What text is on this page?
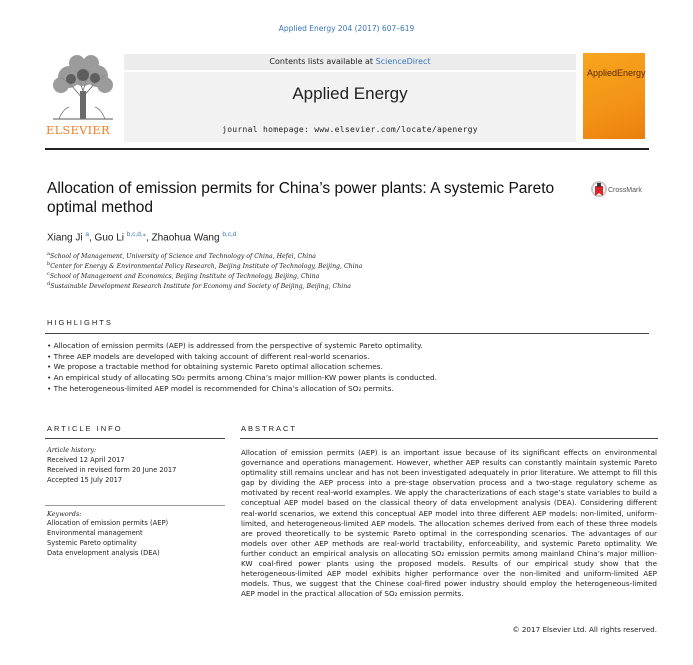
Applied Energy 204 (2017) 607–619
ELSEVIER
Contents lists available at ScienceDirect
Applied Energy
journal homepage: www.elsevier.com/locate/apenergy
AppliedEnergy
Allocation of emission permits for China’s power plants: A systemic Pareto optimal method
CrossMark
Xiang Ji $^a$, Guo Li $^{b,c,d,⁎}$, Zhaohua Wang $^{b,c,d}$
$^a$School of Management, University of Science and Technology of China, Hefei, China
$^b$Center for Energy & Environmental Policy Research, Beijing Institute of Technology, Beijing, China
$^c$School of Management and Economics, Beijing Institute of Technology, Beijing, China
$^d$Sustainable Development Research Institute for Economy and Society of Beijing, Beijing, China
HIGHLIGHTS
• Allocation of emission permits (AEP) is addressed from the perspective of systemic Pareto optimality.
• Three AEP models are developed with taking account of different real-world scenarios.
• We propose a tractable method for obtaining systemic Pareto optimal allocation schemes.
• An empirical study of allocating SO₂ permits among China’s major million-KW power plants is conducted.
• The heterogeneous-limited AEP model is recommended for China’s allocation of SO₂ permits.
ARTICLE INFO
Article history:
Received 12 April 2017
Received in revised form 20 June 2017
Accepted 15 July 2017
Keywords:
Allocation of emission permits (AEP)
Environmental management
Systemic Pareto optimality
Data envelopment analysis (DEA)
ABSTRACT
Allocation of emission permits (AEP) is an important issue because of its significant effects on environmental governance and operations management. However, whether AEP results can constantly maintain systemic Pareto optimality still remains unclear and has not been investigated adequately in prior literature. We attempt to fill this gap by dividing the AEP process into a pre-stage observation process and a two-stage regulatory scheme as motivated by recent real-world examples. We apply the characterizations of each stage’s state variables to build a conceptual AEP model based on the classical theory of data envelopment analysis (DEA). Considering different real-world scenarios, we extend this conceptual AEP model into three different AEP models: non-limited, uniform-limited, and heterogeneous-limited AEP models. The allocation schemes derived from each of these three models are proved theoretically to be systemic Pareto optimal in the corresponding scenarios. The advantages of our models over other AEP methods are real-world tractability, enforceability, and systemic Pareto optimality. We further conduct an empirical analysis on allocating SO₂ emission permits among mainland China’s major million-KW coal-fired power plants using the proposed models. Results of our empirical study show that the heterogeneous-limited AEP model exhibits higher performance over the non-limited and uniform-limited AEP models. Thus, we suggest that the Chinese coal-fired power industry should employ the heterogeneous-limited AEP model in the practical allocation of SO₂ emission permits.
© 2017 Elsevier Ltd. All rights reserved.
